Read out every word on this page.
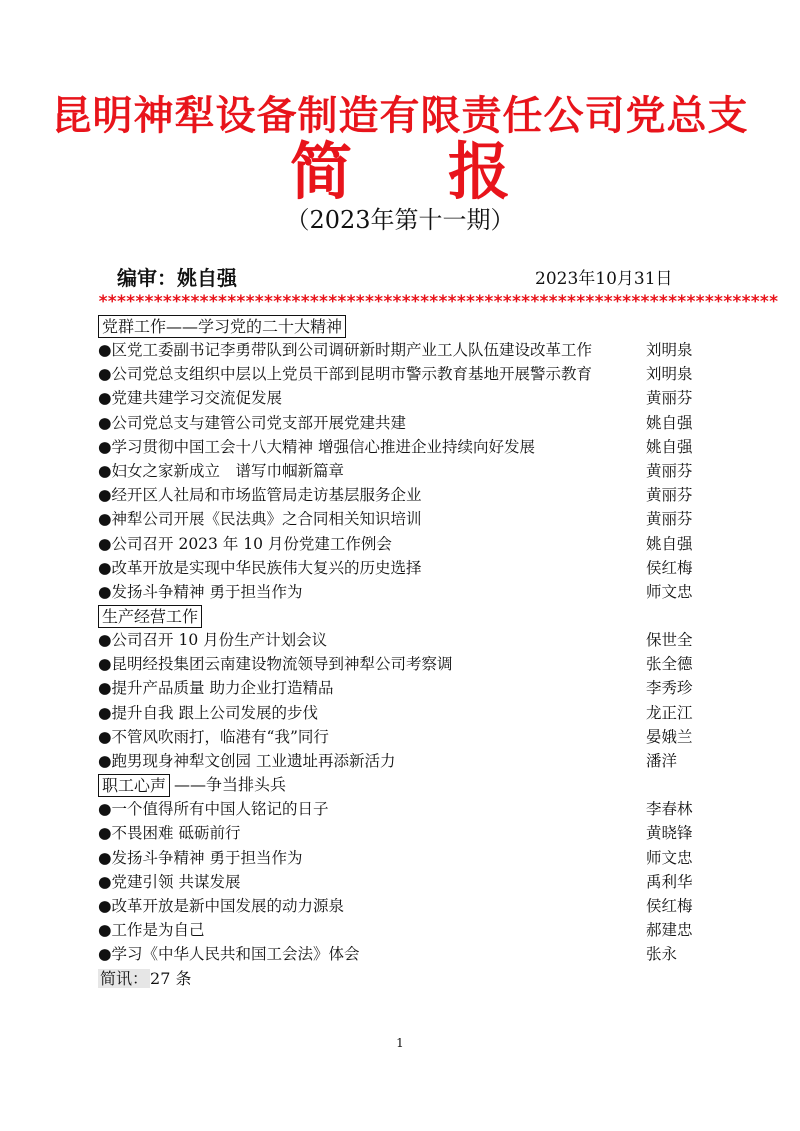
昆明神犁设备制造有限责任公司党总支
简报
（2023年第十一期）
编审：姚自强	2023年10月31日
**************************************************************************
党群工作——学习党的二十大精神
●区党工委副书记李勇带队到公司调研新时期产业工人队伍建设改革工作	刘明泉
●公司党总支组织中层以上党员干部到昆明市警示教育基地开展警示教育	刘明泉
●党建共建学习交流促发展	黄丽芬
●公司党总支与建管公司党支部开展党建共建	姚自强
●学习贯彻中国工会十八大精神 增强信心推进企业持续向好发展	姚自强
●妇女之家新成立　谱写巾帼新篇章	黄丽芬
●经开区人社局和市场监管局走访基层服务企业	黄丽芬
●神犁公司开展《民法典》之合同相关知识培训	黄丽芬
●公司召开 2023 年 10 月份党建工作例会	姚自强
●改革开放是实现中华民族伟大复兴的历史选择	侯红梅
●发扬斗争精神 勇于担当作为	师文忠
生产经营工作
●公司召开 10 月份生产计划会议	保世全
●昆明经投集团云南建设物流领导到神犁公司考察调	张全德
●提升产品质量 助力企业打造精品	李秀珍
●提升自我 跟上公司发展的步伐	龙正江
●不管风吹雨打，临港有“我”同行	晏娥兰
●跑男现身神犁文创园 工业遗址再添新活力	潘洋
职工心声 ——争当排头兵
●一个值得所有中国人铭记的日子	李春林
●不畏困难 砥砺前行	黄晓锋
●发扬斗争精神 勇于担当作为	师文忠
●党建引领 共谋发展	禹利华
●改革开放是新中国发展的动力源泉	侯红梅
●工作是为自己	郝建忠
●学习《中华人民共和国工会法》体会	张永
简讯： 27 条
1
